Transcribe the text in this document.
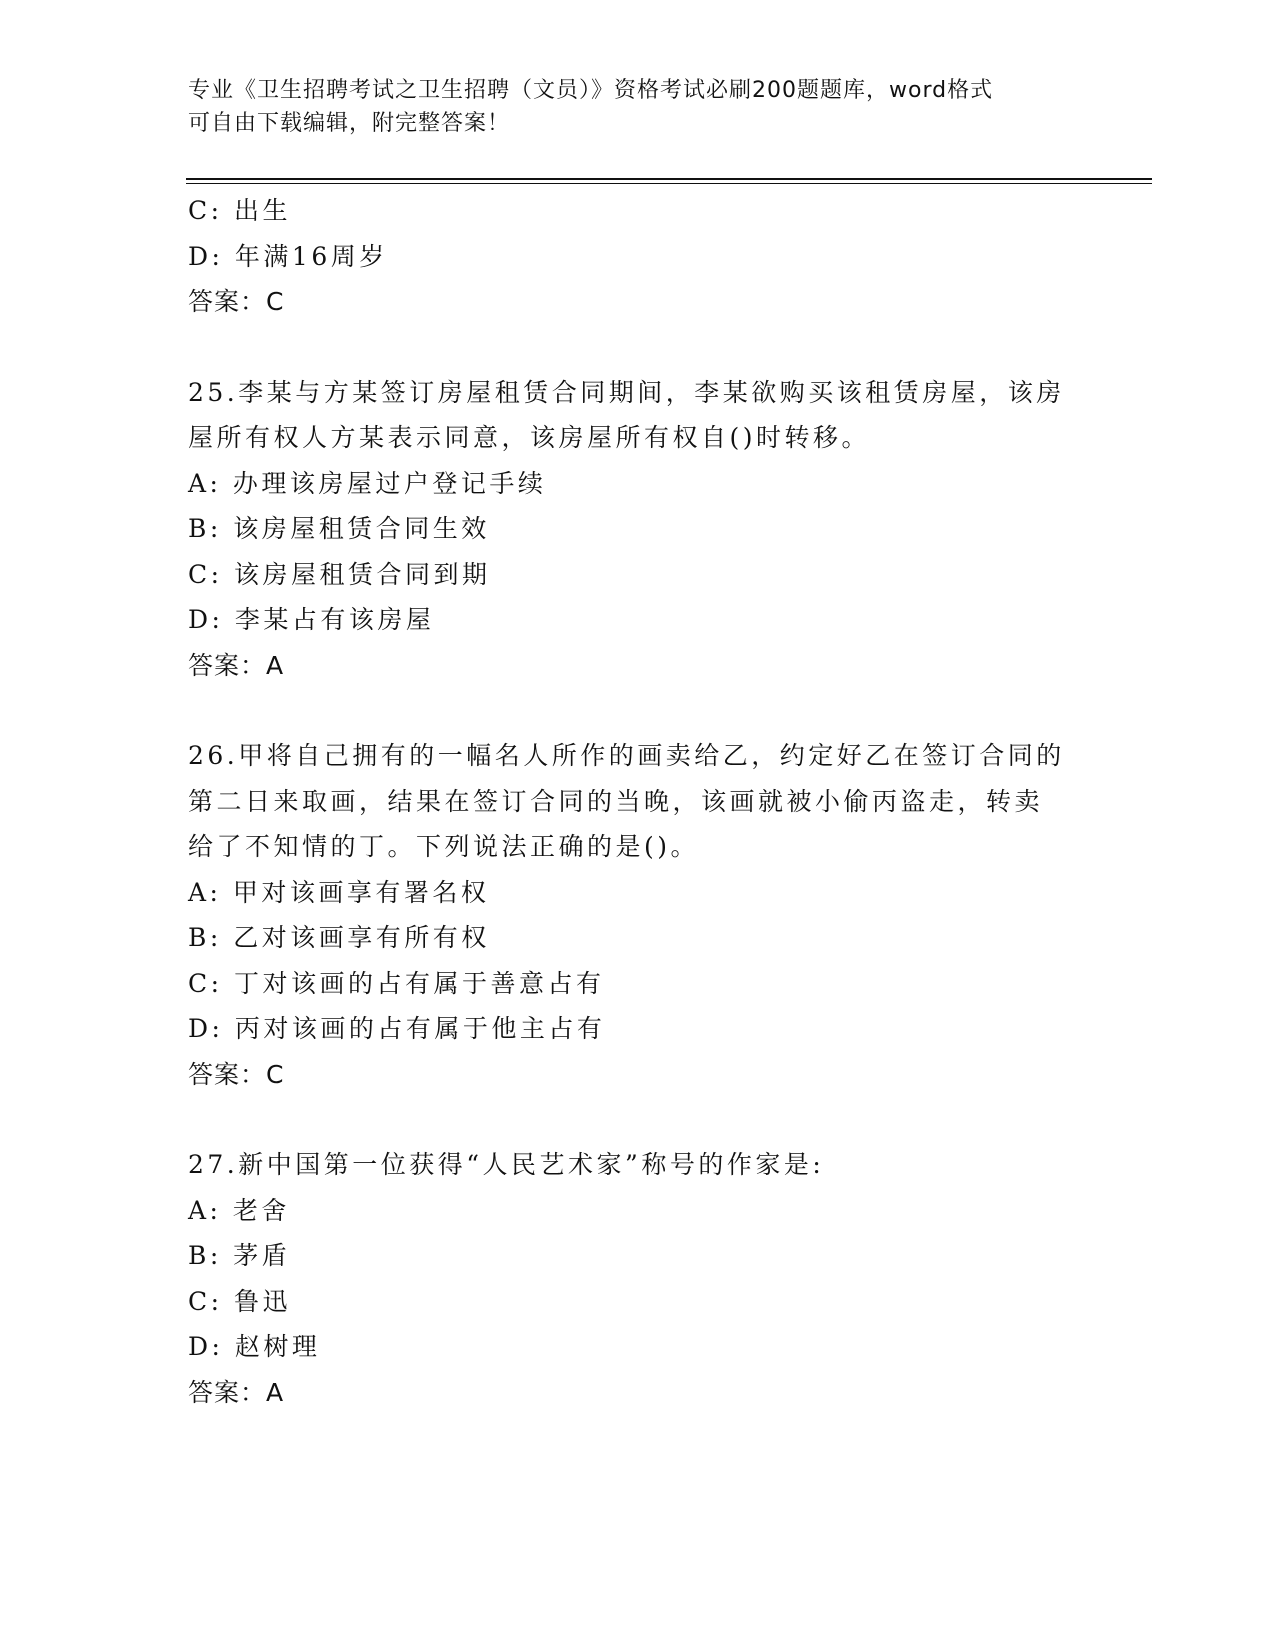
专业《卫生招聘考试之卫生招聘（文员）》资格考试必刷200题题库，word格式
可自由下载编辑，附完整答案！
C: 出生
D: 年满16周岁
答案：C
25.李某与方某签订房屋租赁合同期间，李某欲购买该租赁房屋，该房
屋所有权人方某表示同意，该房屋所有权自()时转移。
A: 办理该房屋过户登记手续
B: 该房屋租赁合同生效
C: 该房屋租赁合同到期
D: 李某占有该房屋
答案：A
26.甲将自己拥有的一幅名人所作的画卖给乙，约定好乙在签订合同的
第二日来取画，结果在签订合同的当晚，该画就被小偷丙盗走，转卖
给了不知情的丁。下列说法正确的是()。
A: 甲对该画享有署名权
B: 乙对该画享有所有权
C: 丁对该画的占有属于善意占有
D: 丙对该画的占有属于他主占有
答案：C
27.新中国第一位获得“人民艺术家”称号的作家是:
A: 老舍
B: 茅盾
C: 鲁迅
D: 赵树理
答案：A
